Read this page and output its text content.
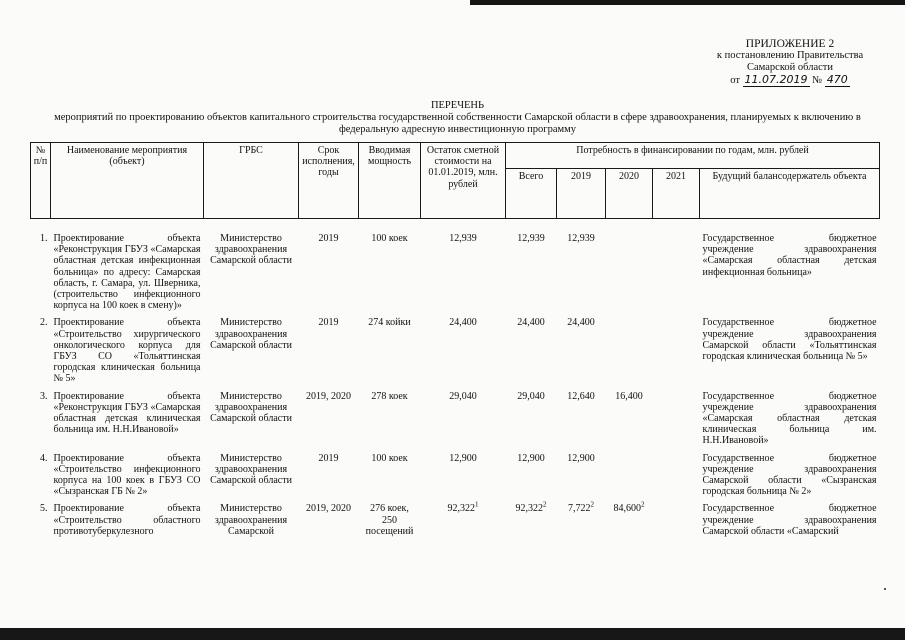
ПРИЛОЖЕНИЕ 2
к постановлению Правительства
Самарской области
от 11.07.2019 № 470
ПЕРЕЧЕНЬ
мероприятий по проектированию объектов капитального строительства государственной собственности Самарской области в сфере здравоохранения, планируемых к включению в федеральную адресную инвестиционную программу
№ п/п	Наименование мероприятия (объект)	ГРБС	Срок исполнения, годы	Вводимая мощность	Остаток сметной стоимости на 01.01.2019, млн. рублей	Потребность в финансировании по годам, млн. рублей				
						Всего	2019	2020	2021	Будущий балансодержатель объекта
1.	Проектирование объекта «Реконструкция ГБУЗ «Самарская областная детская инфекционная больница» по адресу: Самарская область, г. Самара, ул. Шверника, (строительство инфекционного корпуса на 100 коек в смену)»	Министерство здравоохранения Самарской области	2019	100 коек	12,939	12,939	12,939			Государственное бюджетное учреждение здравоохранения «Самарская областная детская инфекционная больница»
2.	Проектирование объекта «Строительство хирургического онкологического корпуса для ГБУЗ СО «Тольяттинская городская клиническая больница № 5»	Министерство здравоохранения Самарской области	2019	274 койки	24,400	24,400	24,400			Государственное бюджетное учреждение здравоохранения Самарской области «Тольяттинская городская клиническая больница № 5»
3.	Проектирование объекта «Реконструкция ГБУЗ «Самарская областная детская клиническая больница им. Н.Н.Ивановой»	Министерство здравоохранения Самарской области	2019, 2020	278 коек	29,040	29,040	12,640	16,400		Государственное бюджетное учреждение здравоохранения «Самарская областная детская клиническая больница им. Н.Н.Ивановой»
4.	Проектирование объекта «Строительство инфекционного корпуса на 100 коек в ГБУЗ СО «Сызранская ГБ № 2»	Министерство здравоохранения Самарской области	2019	100 коек	12,900	12,900	12,900			Государственное бюджетное учреждение здравоохранения Самарской области «Сызранская городская больница № 2»
5.	Проектирование объекта «Строительство областного противотуберкулезного	Министерство здравоохранения Самарской	2019, 2020	276 коек, 250 посещений	92,322$^1$	92,322$^2$	7,722$^2$	84,600$^2$		Государственное бюджетное учреждение здравоохранения Самарской области «Самарский
